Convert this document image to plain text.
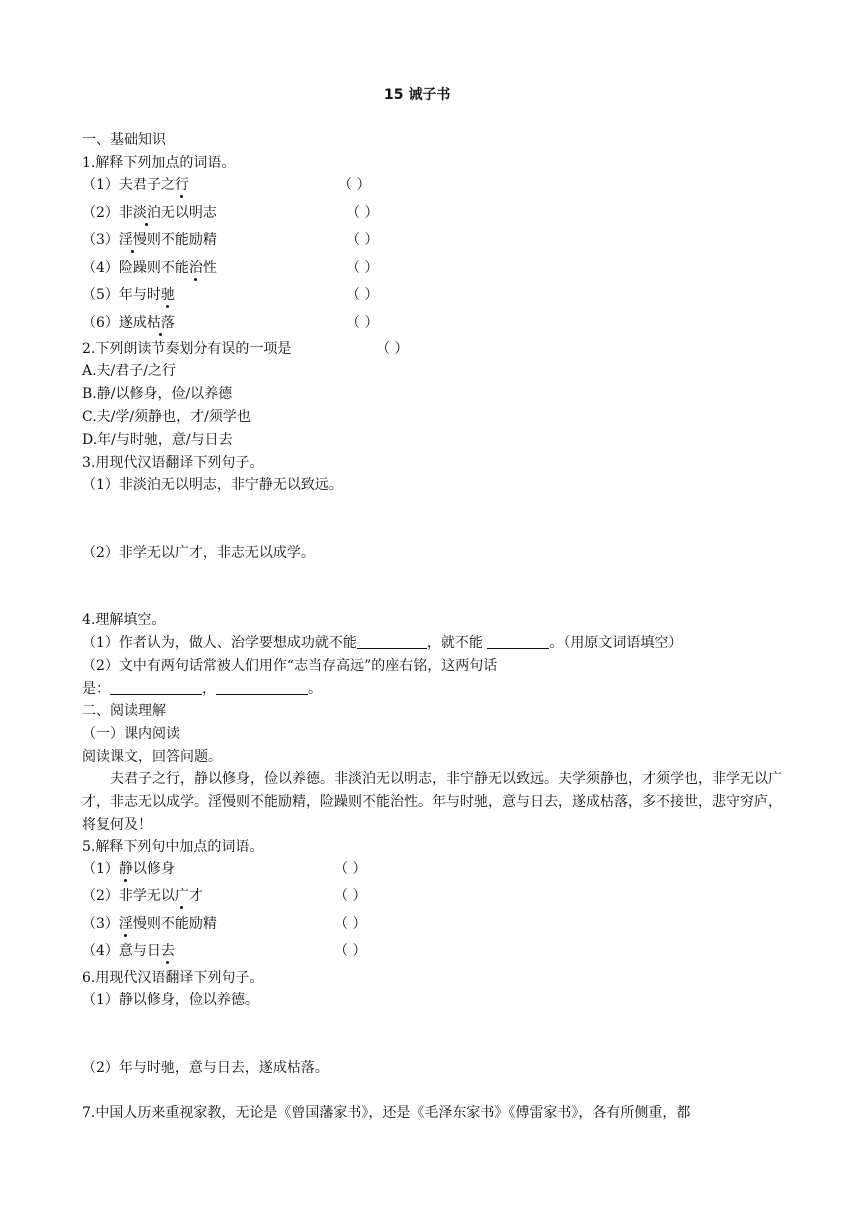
15 诫子书
一、基础知识
1.解释下列加点的词语。
（1）夫君子之行	（ ）
（2）非淡泊无以明志	（ ）
（3）淫慢则不能励精	（ ）
（4）险躁则不能治性	（ ）
（5）年与时驰	（ ）
（6）遂成枯落	（ ）
2.下列朗读节奏划分有误的一项是	（ ）
A.夫/君子/之行
B.静/以修身，俭/以养德
C.夫/学/须静也，才/须学也
D.年/与时驰，意/与日去
3.用现代汉语翻译下列句子。
（1）非淡泊无以明志，非宁静无以致远。
（2）非学无以广才，非志无以成学。
4.理解填空。
（1）作者认为，做人、治学要想成功就不能	，就不能	。（用原文词语填空）
（2）文中有两句话常被人们用作“志当存高远”的座右铭，这两句话
是：	，	。
二、阅读理解
（一）课内阅读
阅读课文，回答问题。
夫君子之行，静以修身，俭以养德。非淡泊无以明志，非宁静无以致远。夫学须静也，才须学也，非学无以广才，非志无以成学。淫慢则不能励精，险躁则不能治性。年与时驰，意与日去，遂成枯落，多不接世，悲守穷庐，将复何及！
5.解释下列句中加点的词语。
（1）静以修身	（ ）
（2）非学无以广才	（ ）
（3）淫慢则不能励精	（ ）
（4）意与日去	（ ）
6.用现代汉语翻译下列句子。
（1）静以修身，俭以养德。
（2）年与时驰，意与日去，遂成枯落。
7.中国人历来重视家教，无论是《曾国藩家书》，还是《毛泽东家书》《傅雷家书》，各有所侧重，都
